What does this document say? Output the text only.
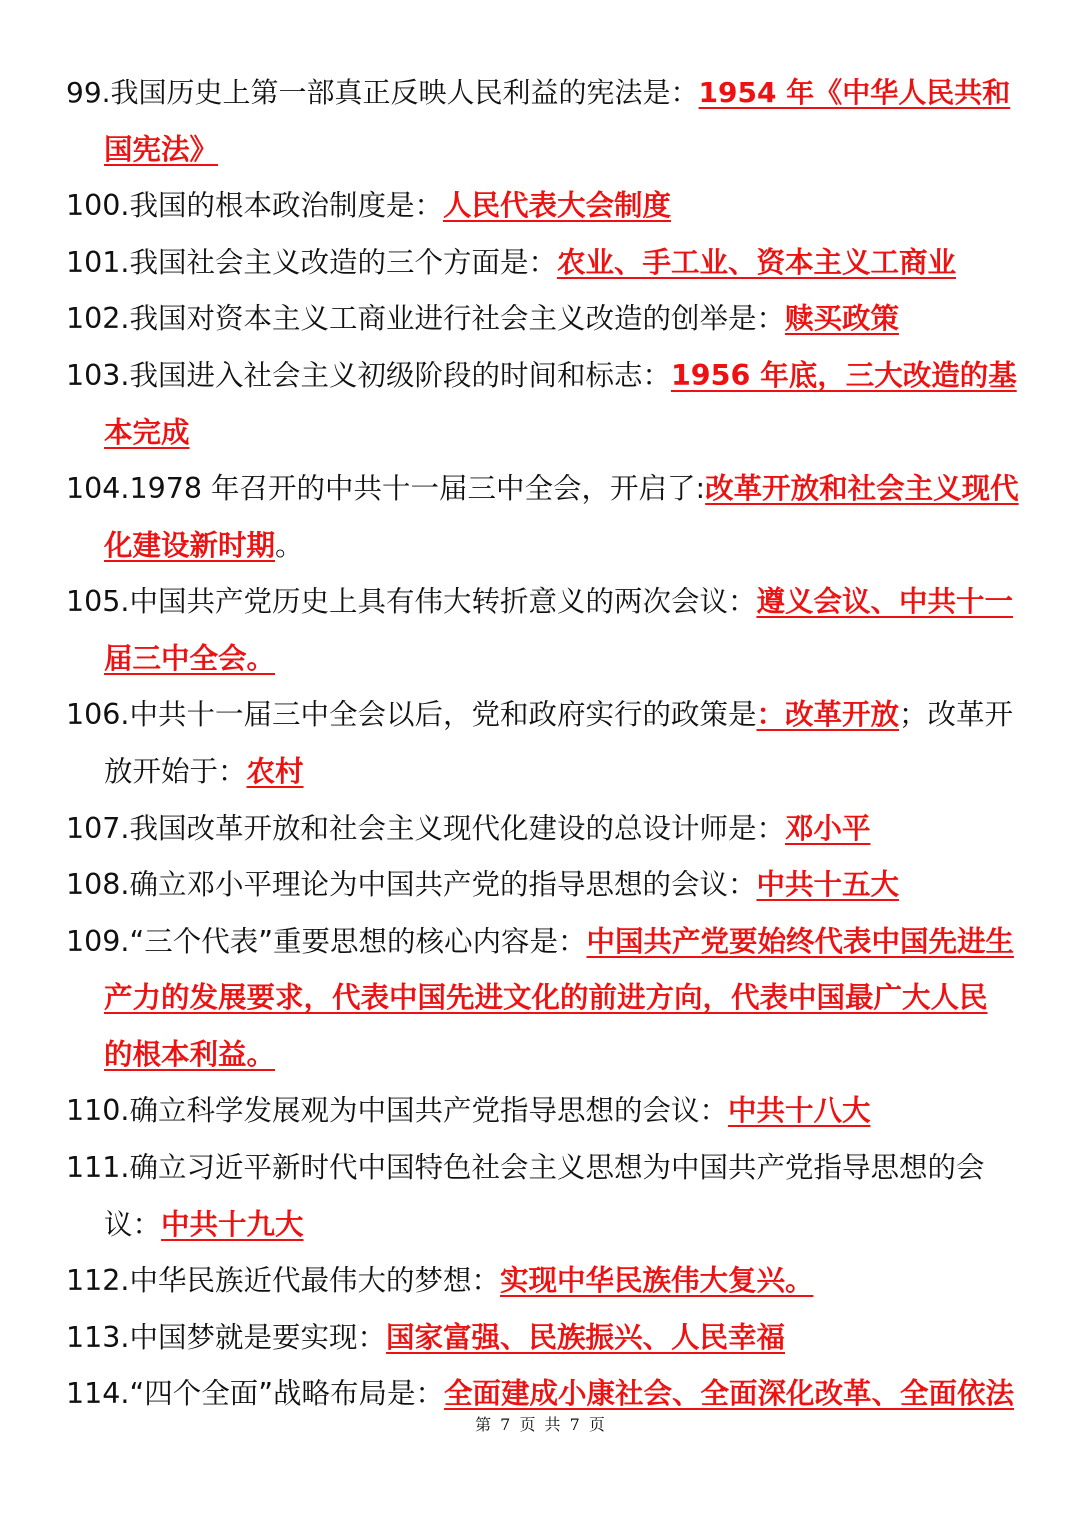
99.我国历史上第一部真正反映人民利益的宪法是：1954 年《中华人民共和
国宪法》
100.我国的根本政治制度是：人民代表大会制度
101.我国社会主义改造的三个方面是：农业、手工业、资本主义工商业
102.我国对资本主义工商业进行社会主义改造的创举是：赎买政策
103.我国进入社会主义初级阶段的时间和标志：1956 年底，三大改造的基
本完成
104.1978 年召开的中共十一届三中全会，开启了:改革开放和社会主义现代
化建设新时期。
105.中国共产党历史上具有伟大转折意义的两次会议：遵义会议、中共十一
届三中全会。
106.中共十一届三中全会以后，党和政府实行的政策是：改革开放；改革开
放开始于：农村
107.我国改革开放和社会主义现代化建设的总设计师是：邓小平
108.确立邓小平理论为中国共产党的指导思想的会议：中共十五大
109.“三个代表”重要思想的核心内容是：中国共产党要始终代表中国先进生
产力的发展要求，代表中国先进文化的前进方向，代表中国最广大人民
的根本利益。
110.确立科学发展观为中国共产党指导思想的会议：中共十八大
111.确立习近平新时代中国特色社会主义思想为中国共产党指导思想的会
议：中共十九大
112.中华民族近代最伟大的梦想：实现中华民族伟大复兴。
113.中国梦就是要实现：国家富强、民族振兴、人民幸福
114.“四个全面”战略布局是：全面建成小康社会、全面深化改革、全面依法
第 7 页 共 7 页
